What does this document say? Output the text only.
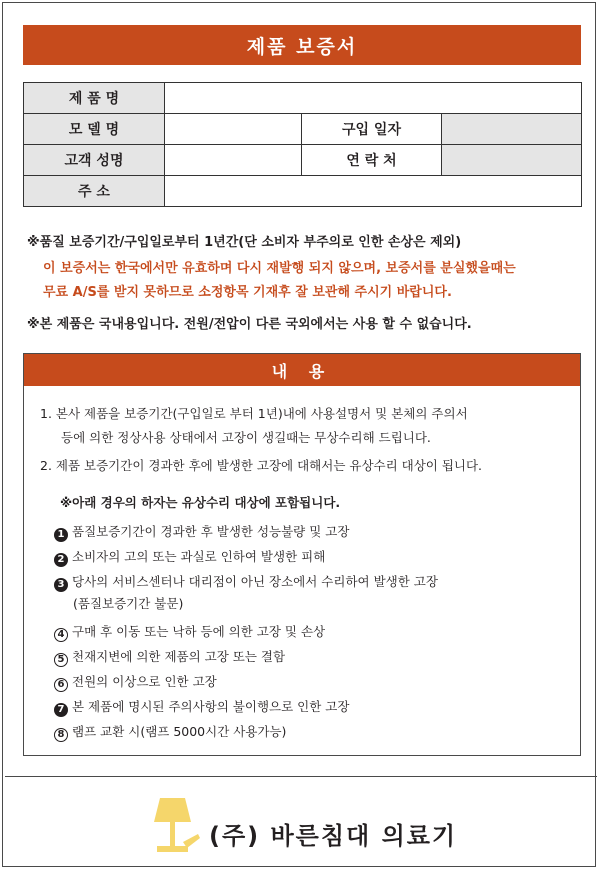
제품 보증서
제 품 명			
모 델 명		구입 일자	
고객 성명		연 락 처	
주 소			
※품질 보증기간/구입일로부터 1년간(단 소비자 부주의로 인한 손상은 제외)
이 보증서는 한국에서만 유효하며 다시 재발행 되지 않으며, 보증서를 분실했을때는
무료 A/S를 받지 못하므로 소정항목 기재후 잘 보관해 주시기 바랍니다.
※본 제품은 국내용입니다. 전원/전압이 다른 국외에서는 사용 할 수 없습니다.
내 용
1. 본사 제품을 보증기간(구입일로 부터 1년)내에 사용설명서 및 본체의 주의서
등에 의한 정상사용 상태에서 고장이 생길때는 무상수리해 드립니다.
2. 제품 보증기간이 경과한 후에 발생한 고장에 대해서는 유상수리 대상이 됩니다.
※아래 경우의 하자는 유상수리 대상에 포함됩니다.
1 품질보증기간이 경과한 후 발생한 성능불량 및 고장
2 소비자의 고의 또는 과실로 인하여 발생한 피해
3 당사의 서비스센터나 대리점이 아닌 장소에서 수리하여 발생한 고장
(품질보증기간 불문)
4 구매 후 이동 또는 낙하 등에 의한 고장 및 손상
5 천재지변에 의한 제품의 고장 또는 결함
6 전원의 이상으로 인한 고장
7 본 제품에 명시된 주의사항의 불이행으로 인한 고장
8 램프 교환 시(램프 5000시간 사용가능)
(주) 바른침대 의료기
